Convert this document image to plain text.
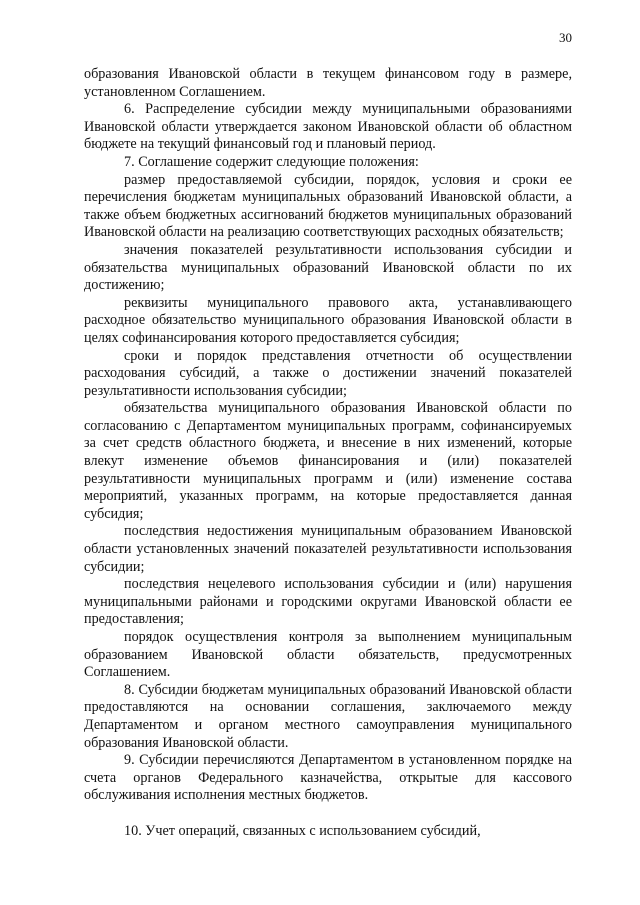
30

образования Ивановской области в текущем финансовом году в размере, установленном Соглашением.

6. Распределение субсидии между муниципальными образованиями Ивановской области утверждается законом Ивановской области об областном бюджете на текущий финансовый год и плановый период.

7. Соглашение содержит следующие положения:

размер предоставляемой субсидии, порядок, условия и сроки ее перечисления бюджетам муниципальных образований Ивановской области, а также объем бюджетных ассигнований бюджетов муниципальных образований Ивановской области на реализацию соответствующих расходных обязательств;

значения показателей результативности использования субсидии и обязательства муниципальных образований Ивановской области по их достижению;

реквизиты муниципального правового акта, устанавливающего расходное обязательство муниципального образования Ивановской области в целях софинансирования которого предоставляется субсидия;

сроки и порядок представления отчетности об осуществлении расходования субсидий, а также о достижении значений показателей результативности использования субсидии;

обязательства муниципального образования Ивановской области по согласованию с Департаментом муниципальных программ, софинансируемых за счет средств областного бюджета, и внесение в них изменений, которые влекут изменение объемов финансирования и (или) показателей результативности муниципальных программ и (или) изменение состава мероприятий, указанных программ, на которые предоставляется данная субсидия;

последствия недостижения муниципальным образованием Ивановской области установленных значений показателей результативности использования субсидии;

последствия нецелевого использования субсидии и (или) нарушения муниципальными районами и городскими округами Ивановской области ее предоставления;

порядок осуществления контроля за выполнением муниципальным образованием Ивановской области обязательств, предусмотренных Соглашением.

8. Субсидии бюджетам муниципальных образований Ивановской области предоставляются на основании соглашения, заключаемого между Департаментом и органом местного самоуправления муниципального образования Ивановской области.

9. Субсидии перечисляются Департаментом в установленном порядке на счета органов Федерального казначейства, открытые для кассового обслуживания исполнения местных бюджетов.

10. Учет операций, связанных с использованием субсидий,
